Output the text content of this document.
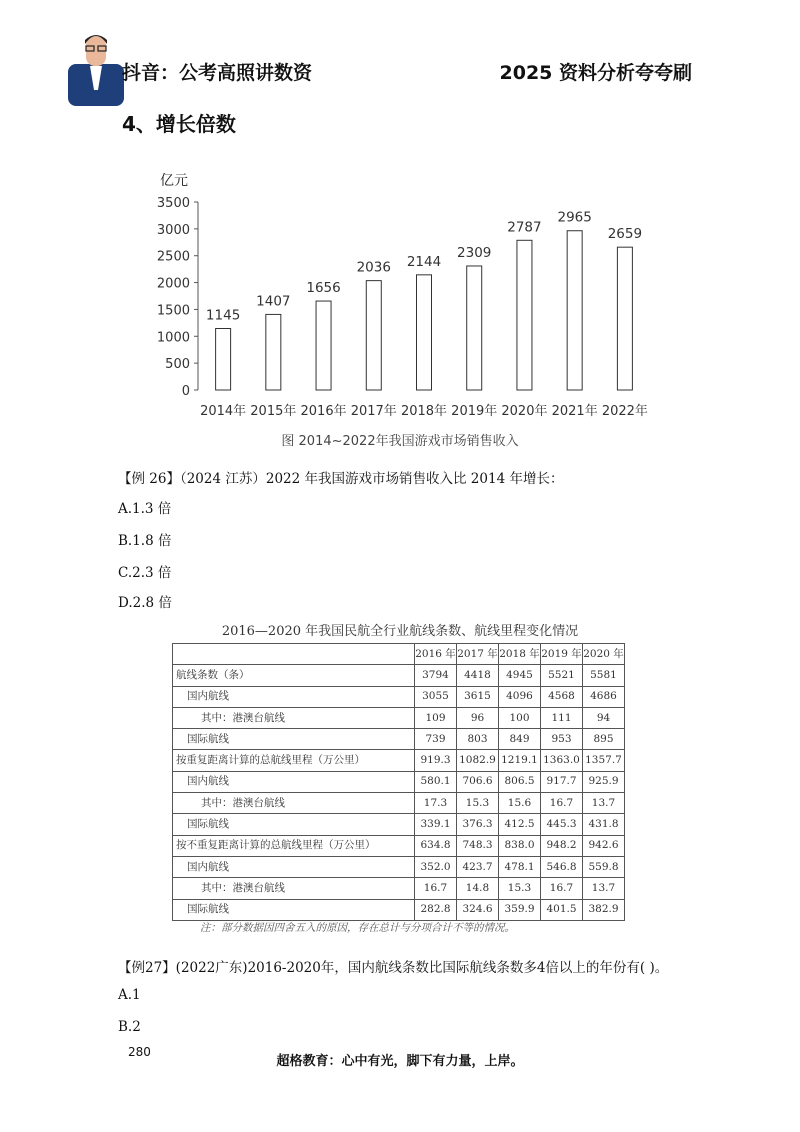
抖音：公考高照讲数资	2025 资料分析夸夸刷
4、增长倍数
亿元
0
500
1000
1500
2000
2500
3000
3500
1145
2014年
1407
2015年
1656
2016年
2036
2017年
2144
2018年
2309
2019年
2787
2020年
2965
2021年
2659
2022年
图 2014~2022年我国游戏市场销售收入
【例 26】（2024 江苏）2022 年我国游戏市场销售收入比 2014 年增长：
A.1.3 倍
B.1.8 倍
C.2.3 倍
D.2.8 倍
2016—2020 年我国民航全行业航线条数、航线里程变化情况
	2016 年	2017 年	2018 年	2019 年	2020 年
航线条数（条）	3794	4418	4945	5521	5581
国内航线	3055	3615	4096	4568	4686
其中：港澳台航线	109	96	100	111	94
国际航线	739	803	849	953	895
按重复距离计算的总航线里程（万公里）	919.3	1082.9	1219.1	1363.0	1357.7
国内航线	580.1	706.6	806.5	917.7	925.9
其中：港澳台航线	17.3	15.3	15.6	16.7	13.7
国际航线	339.1	376.3	412.5	445.3	431.8
按不重复距离计算的总航线里程（万公里）	634.8	748.3	838.0	948.2	942.6
国内航线	352.0	423.7	478.1	546.8	559.8
其中：港澳台航线	16.7	14.8	15.3	16.7	13.7
国际航线	282.8	324.6	359.9	401.5	382.9
注：部分数据因四舍五入的原因，存在总计与分项合计不等的情况。
【例27】(2022广东)2016-2020年，国内航线条数比国际航线条数多4倍以上的年份有( )。
A.1
B.2
280
超格教育：心中有光，脚下有力量，上岸。
